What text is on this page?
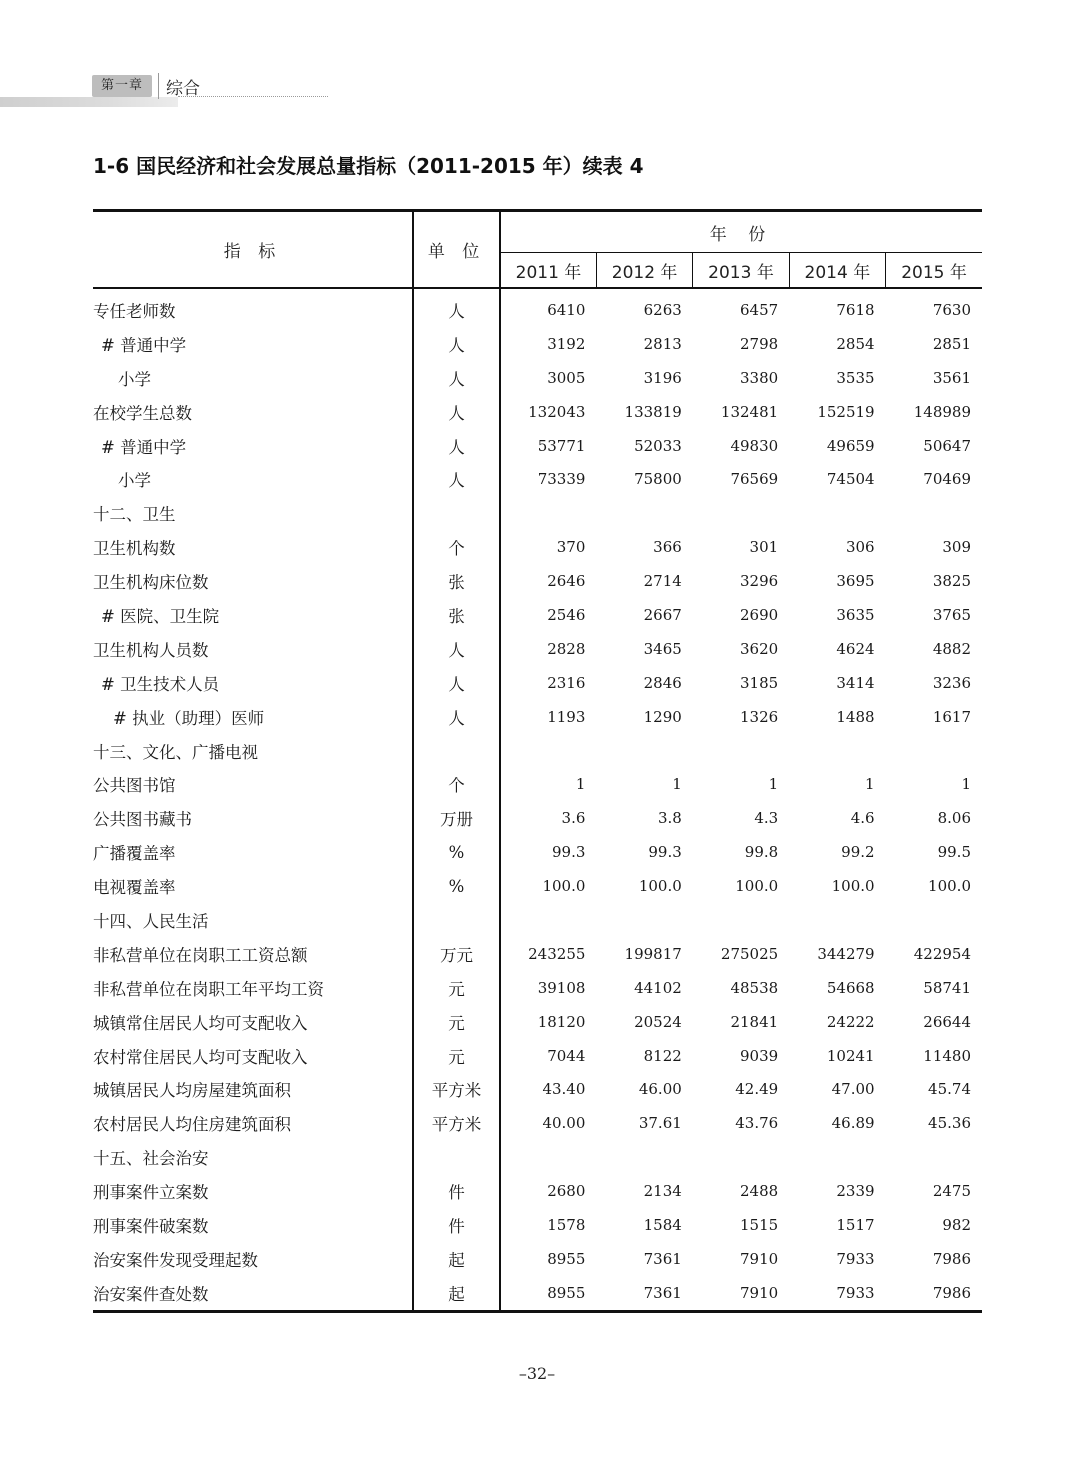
第一章	综合
1-6 国民经济和社会发展总量指标（2011-2015 年）续表 4
指 标	单 位	年 份				
		2011 年	2012 年	2013 年	2014 年	2015 年
专任老师数	人	6410	6263	6457	7618	7630
# 普通中学	人	3192	2813	2798	2854	2851
小学	人	3005	3196	3380	3535	3561
在校学生总数	人	132043	133819	132481	152519	148989
# 普通中学	人	53771	52033	49830	49659	50647
小学	人	73339	75800	76569	74504	70469
十二、卫生						
卫生机构数	个	370	366	301	306	309
卫生机构床位数	张	2646	2714	3296	3695	3825
# 医院、卫生院	张	2546	2667	2690	3635	3765
卫生机构人员数	人	2828	3465	3620	4624	4882
# 卫生技术人员	人	2316	2846	3185	3414	3236
# 执业（助理）医师	人	1193	1290	1326	1488	1617
十三、文化、广播电视						
公共图书馆	个	1	1	1	1	1
公共图书藏书	万册	3.6	3.8	4.3	4.6	8.06
广播覆盖率	%	99.3	99.3	99.8	99.2	99.5
电视覆盖率	%	100.0	100.0	100.0	100.0	100.0
十四、人民生活						
非私营单位在岗职工工资总额	万元	243255	199817	275025	344279	422954
非私营单位在岗职工年平均工资	元	39108	44102	48538	54668	58741
城镇常住居民人均可支配收入	元	18120	20524	21841	24222	26644
农村常住居民人均可支配收入	元	7044	8122	9039	10241	11480
城镇居民人均房屋建筑面积	平方米	43.40	46.00	42.49	47.00	45.74
农村居民人均住房建筑面积	平方米	40.00	37.61	43.76	46.89	45.36
十五、社会治安						
刑事案件立案数	件	2680	2134	2488	2339	2475
刑事案件破案数	件	1578	1584	1515	1517	982
治安案件发现受理起数	起	8955	7361	7910	7933	7986
治安案件查处数	起	8955	7361	7910	7933	7986
–32–
